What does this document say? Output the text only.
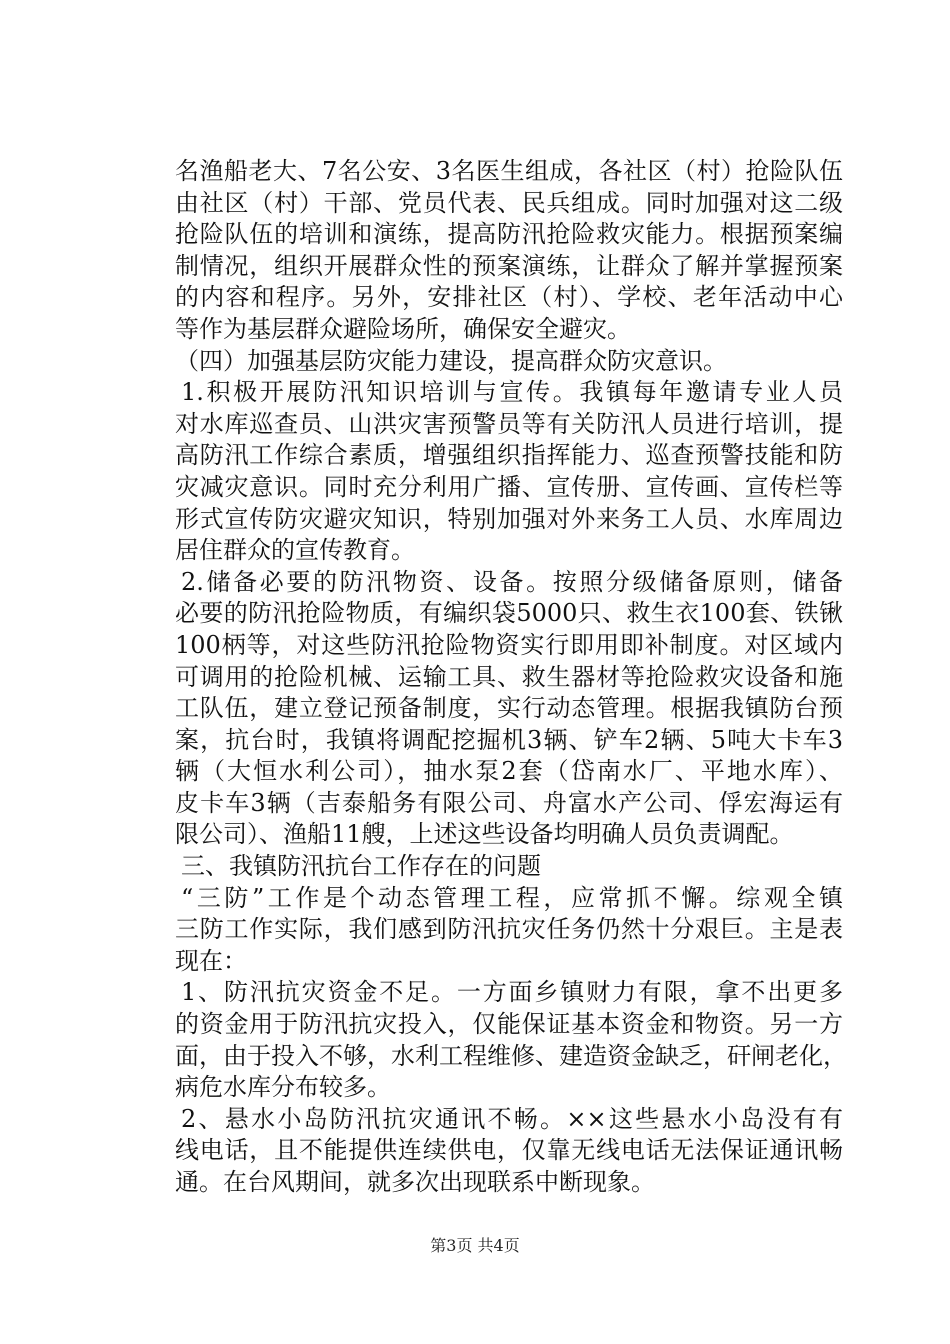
名渔船老大、7名公安、3名医生组成，各社区（村）抢险队伍
由社区（村）干部、党员代表、民兵组成。同时加强对这二级
抢险队伍的培训和演练，提高防汛抢险救灾能力。根据预案编
制情况，组织开展群众性的预案演练，让群众了解并掌握预案
的内容和程序。另外，安排社区（村）、学校、老年活动中心
等作为基层群众避险场所，确保安全避灾。
（四）加强基层防灾能力建设，提高群众防灾意识。
1.积极开展防汛知识培训与宣传。我镇每年邀请专业人员
对水库巡查员、山洪灾害预警员等有关防汛人员进行培训，提
高防汛工作综合素质，增强组织指挥能力、巡查预警技能和防
灾减灾意识。同时充分利用广播、宣传册、宣传画、宣传栏等
形式宣传防灾避灾知识，特别加强对外来务工人员、水库周边
居住群众的宣传教育。
2.储备必要的防汛物资、设备。按照分级储备原则，储备
必要的防汛抢险物质，有编织袋5000只、救生衣100套、铁锹
100柄等，对这些防汛抢险物资实行即用即补制度。对区域内
可调用的抢险机械、运输工具、救生器材等抢险救灾设备和施
工队伍，建立登记预备制度，实行动态管理。根据我镇防台预
案，抗台时，我镇将调配挖掘机3辆、铲车2辆、5吨大卡车3
辆（大恒水利公司），抽水泵2套（岱南水厂、平地水库）、
皮卡车3辆（吉泰船务有限公司、舟富水产公司、俘宏海运有
限公司）、渔船11艘，上述这些设备均明确人员负责调配。
三、我镇防汛抗台工作存在的问题
“三防”工作是个动态管理工程，应常抓不懈。综观全镇
三防工作实际，我们感到防汛抗灾任务仍然十分艰巨。主是表
现在：
1、防汛抗灾资金不足。一方面乡镇财力有限，拿不出更多
的资金用于防汛抗灾投入，仅能保证基本资金和物资。另一方
面，由于投入不够，水利工程维修、建造资金缺乏，矸闸老化，
病危水库分布较多。
2、悬水小岛防汛抗灾通讯不畅。××这些悬水小岛没有有
线电话，且不能提供连续供电，仅靠无线电话无法保证通讯畅
通。在台风期间，就多次出现联系中断现象。
第3页 共4页
